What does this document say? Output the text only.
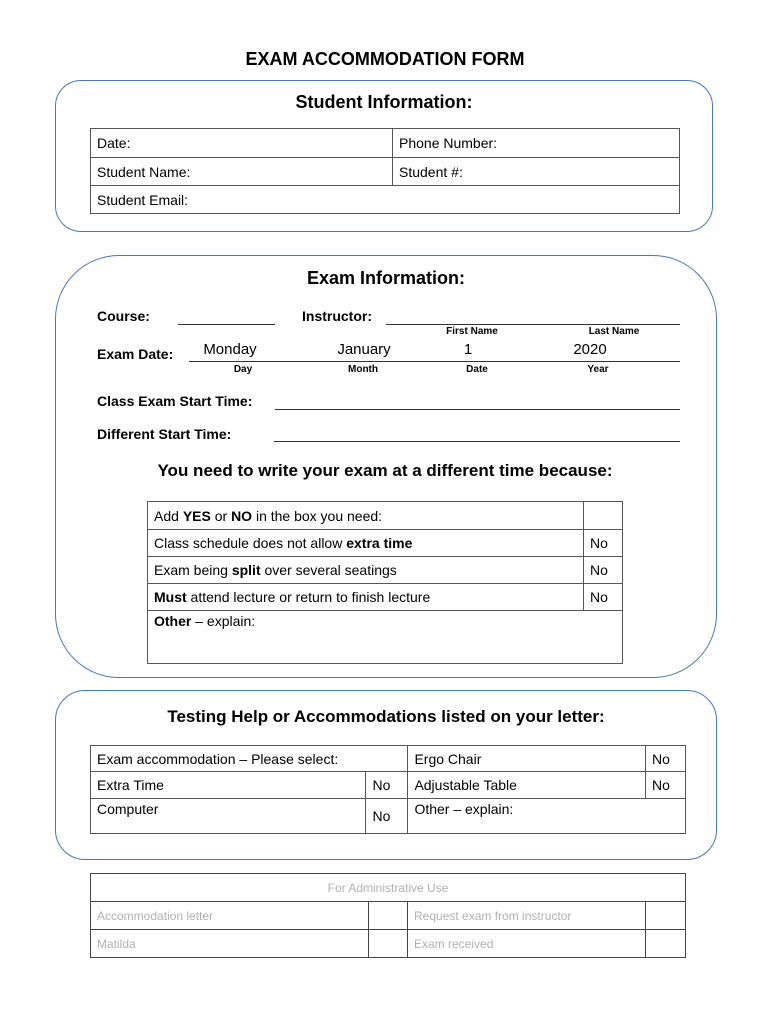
EXAM ACCOMMODATION FORM
Student Information:
Date:	Phone Number:
Student Name:	Student #:
Student Email:	
Exam Information:
Course:	Instructor:
First Name	Last Name
Exam Date:	Monday	January	1	2020
Day	Month	Date	Year
Class Exam Start Time:
Different Start Time:
You need to write your exam at a different time because:
Add YES or NO in the box you need:	
Class schedule does not allow extra time	No
Exam being split over several seatings	No
Must attend lecture or return to finish lecture	No
Other – explain:	
Testing Help or Accommodations listed on your letter:
Exam accommodation – Please select:		Ergo Chair	No
Extra Time	No	Adjustable Table	No
Computer	No	Other – explain:	
For Administrative Use			
Accommodation letter		Request exam from instructor	
Matilda		Exam received	
